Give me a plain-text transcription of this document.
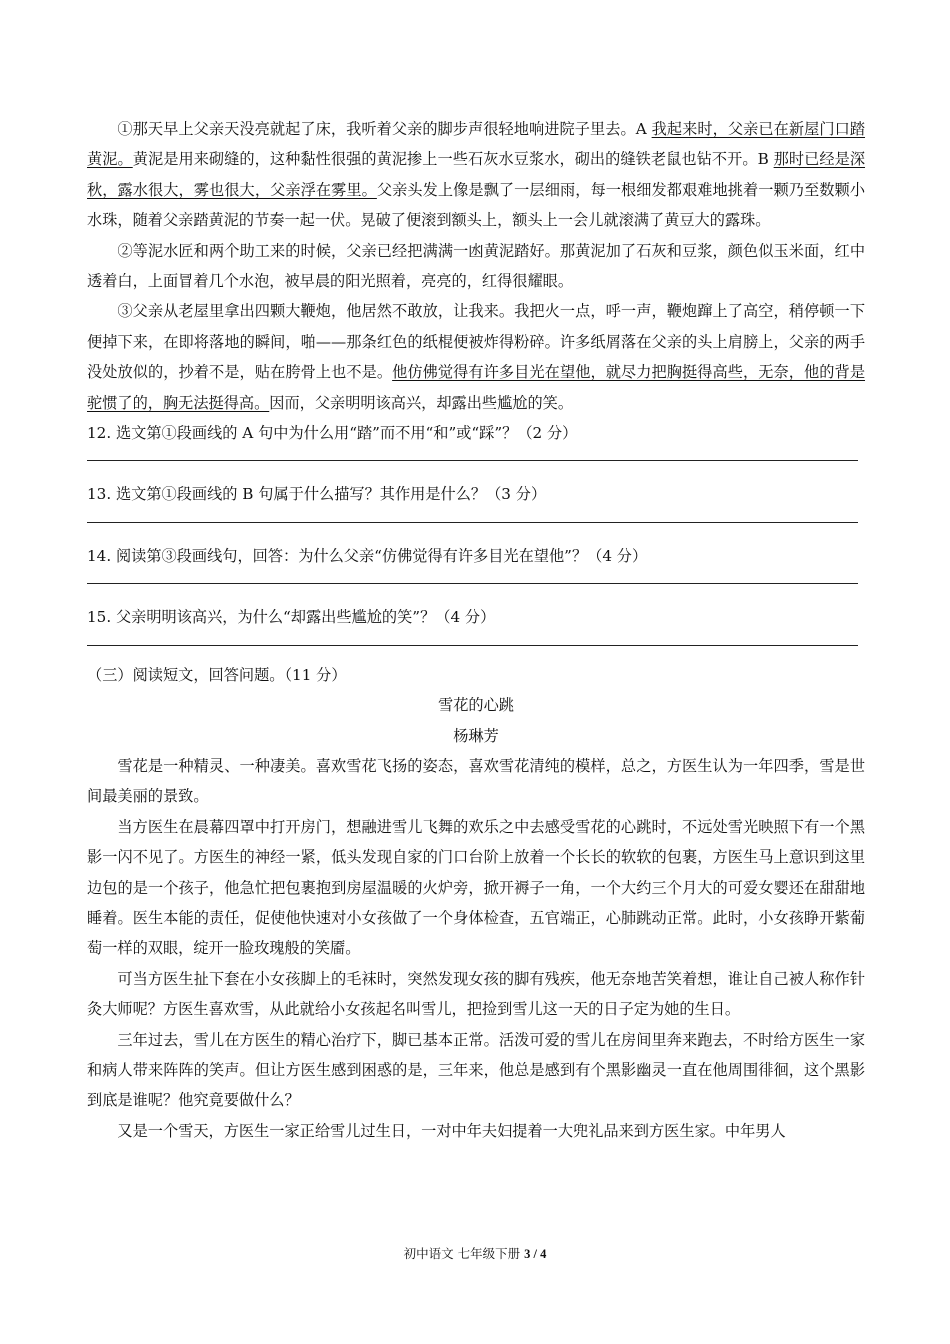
①那天早上父亲天没亮就起了床，我听着父亲的脚步声很轻地响进院子里去。A 我起来时，父亲已在新屋门口踏黄泥。黄泥是用来砌缝的，这种黏性很强的黄泥掺上一些石灰水豆浆水，砌出的缝铁老鼠也钻不开。B 那时已经是深秋，露水很大，雾也很大，父亲浮在雾里。父亲头发上像是飘了一层细雨，每一根细发都艰难地挑着一颗乃至数颗小水珠，随着父亲踏黄泥的节奏一起一伏。晃破了便滚到额头上，额头上一会儿就滚满了黄豆大的露珠。

②等泥水匠和两个助工来的时候，父亲已经把满满一凼黄泥踏好。那黄泥加了石灰和豆浆，颜色似玉米面，红中透着白，上面冒着几个水泡，被早晨的阳光照着，亮亮的，红得很耀眼。

③父亲从老屋里拿出四颗大鞭炮，他居然不敢放，让我来。我把火一点，呼一声，鞭炮蹿上了高空，稍停顿一下便掉下来，在即将落地的瞬间，啪——那条红色的纸棍便被炸得粉碎。许多纸屑落在父亲的头上肩膀上，父亲的两手没处放似的，抄着不是，贴在胯骨上也不是。他仿佛觉得有许多目光在望他，就尽力把胸挺得高些，无奈，他的背是驼惯了的，胸无法挺得高。因而，父亲明明该高兴，却露出些尴尬的笑。

12. 选文第①段画线的 A 句中为什么用“踏”而不用“和”或“踩”？（2 分）

13. 选文第①段画线的 B 句属于什么描写？其作用是什么？（3 分）

14. 阅读第③段画线句，回答：为什么父亲“仿佛觉得有许多目光在望他”？（4 分）

15. 父亲明明该高兴，为什么“却露出些尴尬的笑”？（4 分）

（三）阅读短文，回答问题。（11 分）

雪花的心跳

杨琳芳

雪花是一种精灵、一种凄美。喜欢雪花飞扬的姿态，喜欢雪花清纯的模样，总之，方医生认为一年四季，雪是世间最美丽的景致。

当方医生在晨幕四罩中打开房门，想融进雪儿飞舞的欢乐之中去感受雪花的心跳时，不远处雪光映照下有一个黑影一闪不见了。方医生的神经一紧，低头发现自家的门口台阶上放着一个长长的软软的包裹，方医生马上意识到这里边包的是一个孩子，他急忙把包裹抱到房屋温暖的火炉旁，掀开褥子一角，一个大约三个月大的可爱女婴还在甜甜地睡着。医生本能的责任，促使他快速对小女孩做了一个身体检查，五官端正，心肺跳动正常。此时，小女孩睁开紫葡萄一样的双眼，绽开一脸玫瑰般的笑靥。

可当方医生扯下套在小女孩脚上的毛袜时，突然发现女孩的脚有残疾，他无奈地苦笑着想，谁让自己被人称作针灸大师呢？方医生喜欢雪，从此就给小女孩起名叫雪儿，把捡到雪儿这一天的日子定为她的生日。

三年过去，雪儿在方医生的精心治疗下，脚已基本正常。活泼可爱的雪儿在房间里奔来跑去，不时给方医生一家和病人带来阵阵的笑声。但让方医生感到困惑的是，三年来，他总是感到有个黑影幽灵一直在他周围徘徊，这个黑影到底是谁呢？他究竟要做什么？

又是一个雪天，方医生一家正给雪儿过生日，一对中年夫妇提着一大兜礼品来到方医生家。中年男人

初中语文 七年级下册 3 / 4
